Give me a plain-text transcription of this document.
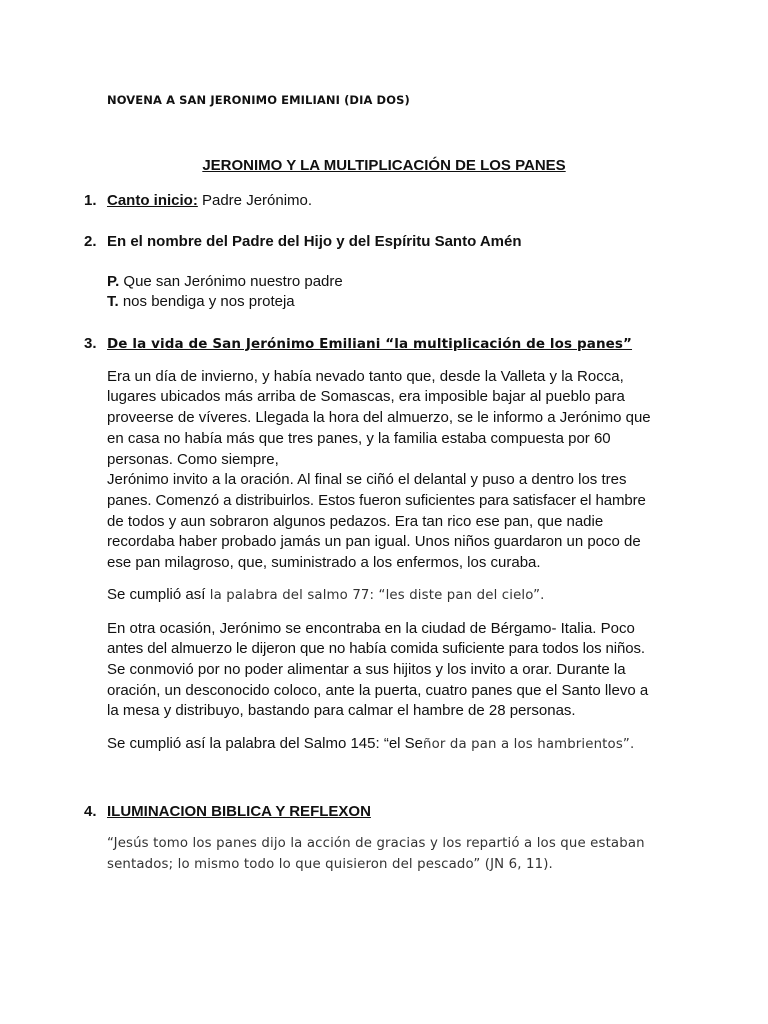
NOVENA A SAN JERONIMO EMILIANI (DIA DOS)
JERONIMO Y LA MULTIPLICACIÓN DE LOS PANES
1. Canto inicio: Padre Jerónimo.
2. En el nombre del Padre del Hijo y del Espíritu Santo Amén
P. Que san Jerónimo nuestro padre
T. nos bendiga y nos proteja
3. De la vida de San Jerónimo Emiliani “la multiplicación de los panes”
Era un día de invierno, y había nevado tanto que, desde la Valleta y la Rocca,
lugares ubicados más arriba de Somascas, era imposible bajar al pueblo para
proveerse de víveres. Llegada la hora del almuerzo, se le informo a Jerónimo que
en casa no había más que tres panes, y la familia estaba compuesta por 60
personas. Como siempre,
Jerónimo invito a la oración. Al final se ciñó el delantal y puso a dentro los tres
panes. Comenzó a distribuirlos. Estos fueron suficientes para satisfacer el hambre
de todos y aun sobraron algunos pedazos. Era tan rico ese pan, que nadie
recordaba haber probado jamás un pan igual. Unos niños guardaron un poco de
ese pan milagroso, que, suministrado a los enfermos, los curaba.
Se cumplió así la palabra del salmo 77: “les diste pan del cielo”.
En otra ocasión, Jerónimo se encontraba en la ciudad de Bérgamo- Italia. Poco
antes del almuerzo le dijeron que no había comida suficiente para todos los niños.
Se conmovió por no poder alimentar a sus hijitos y los invito a orar. Durante la
oración, un desconocido coloco, ante la puerta, cuatro panes que el Santo llevo a
la mesa y distribuyo, bastando para calmar el hambre de 28 personas.
Se cumplió así la palabra del Salmo 145: “el Señor da pan a los hambrientos”.
4. ILUMINACION BIBLICA Y REFLEXON
“Jesús tomo los panes dijo la acción de gracias y los repartió a los que estaban
sentados; lo mismo todo lo que quisieron del pescado” (JN 6, 11).
